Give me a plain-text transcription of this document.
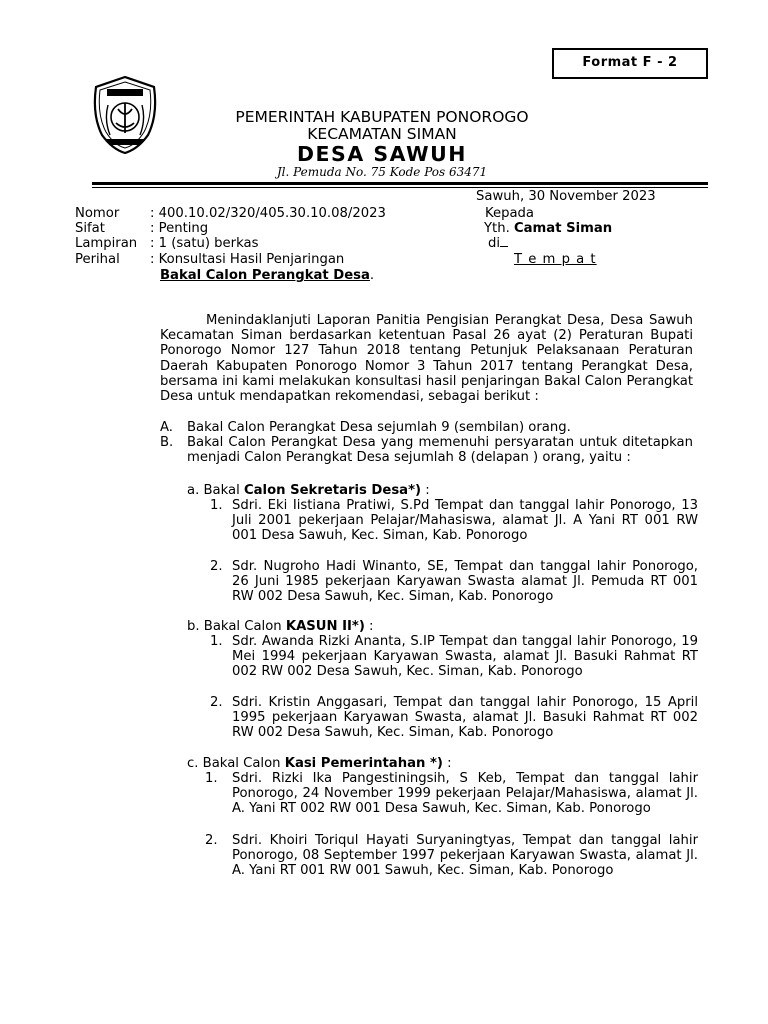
Format F - 2
PEMERINTAH KABUPATEN PONOROGO
KECAMATAN SIMAN
DESA SAWUH
Jl. Pemuda No. 75 Kode Pos 63471
Sawuh, 30 November 2023
Nomor : 400.10.02/320/405.30.10.08/2023	Kepada
Sifat	: Penting	Yth. Camat Siman
Lampiran : 1 (satu) berkas	di
Perihal : Konsultasi Hasil Penjaringan	T e m p a t
Bakal Calon Perangkat Desa.
Menindaklanjuti Laporan Panitia Pengisian Perangkat Desa, Desa Sawuh Kecamatan Siman berdasarkan ketentuan Pasal 26 ayat (2) Peraturan Bupati Ponorogo Nomor 127 Tahun 2018 tentang Petunjuk Pelaksanaan Peraturan Daerah Kabupaten Ponorogo Nomor 3 Tahun 2017 tentang Perangkat Desa, bersama ini kami melakukan konsultasi hasil penjaringan Bakal Calon Perangkat Desa untuk mendapatkan rekomendasi, sebagai berikut :
A. Bakal Calon Perangkat Desa sejumlah 9 (sembilan) orang.
B. Bakal Calon Perangkat Desa yang memenuhi persyaratan untuk ditetapkan menjadi Calon Perangkat Desa sejumlah 8 (delapan ) orang, yaitu :
a. Bakal Calon Sekretaris Desa*) :
1. Sdri. Eki Iistiana Pratiwi, S.Pd Tempat dan tanggal lahir Ponorogo, 13 Juli 2001 pekerjaan Pelajar/Mahasiswa, alamat Jl. A Yani RT 001 RW 001 Desa Sawuh, Kec. Siman, Kab. Ponorogo
2. Sdr. Nugroho Hadi Winanto, SE, Tempat dan tanggal lahir Ponorogo, 26 Juni 1985 pekerjaan Karyawan Swasta alamat Jl. Pemuda RT 001 RW 002 Desa Sawuh, Kec. Siman, Kab. Ponorogo
b. Bakal Calon KASUN II*) :
1. Sdr. Awanda Rizki Ananta, S.IP Tempat dan tanggal lahir Ponorogo, 19 Mei 1994 pekerjaan Karyawan Swasta, alamat Jl. Basuki Rahmat RT 002 RW 002 Desa Sawuh, Kec. Siman, Kab. Ponorogo
2. Sdri. Kristin Anggasari, Tempat dan tanggal lahir Ponorogo, 15 April 1995 pekerjaan Karyawan Swasta, alamat Jl. Basuki Rahmat RT 002 RW 002 Desa Sawuh, Kec. Siman, Kab. Ponorogo
c. Bakal Calon Kasi Pemerintahan *) :
1. Sdri. Rizki Ika Pangestiningsih, S Keb, Tempat dan tanggal lahir Ponorogo, 24 November 1999 pekerjaan Pelajar/Mahasiswa, alamat Jl. A. Yani RT 002 RW 001 Desa Sawuh, Kec. Siman, Kab. Ponorogo
2. Sdri. Khoiri Toriqul Hayati Suryaningtyas, Tempat dan tanggal lahir Ponorogo, 08 September 1997 pekerjaan Karyawan Swasta, alamat Jl. A. Yani RT 001 RW 001 Sawuh, Kec. Siman, Kab. Ponorogo
